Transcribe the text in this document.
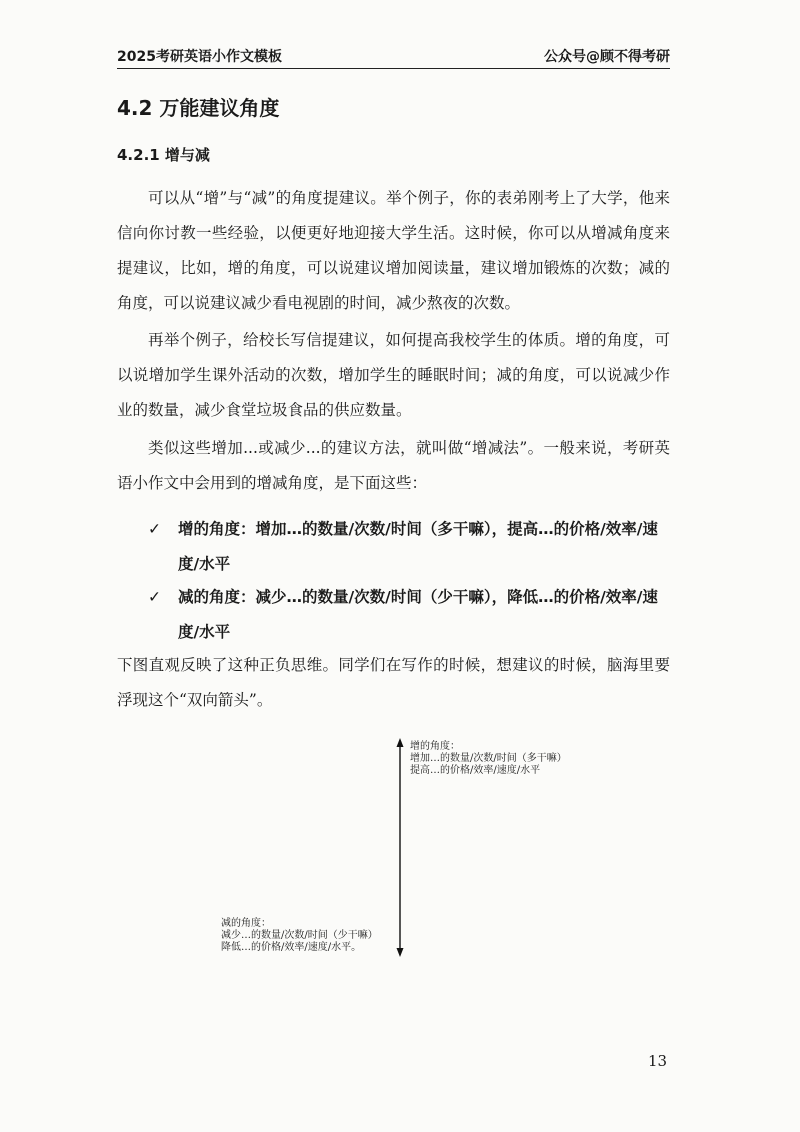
2025考研英语小作文模板	公众号@顾不得考研
4.2 万能建议角度
4.2.1 增与减

可以从“增”与“减”的角度提建议。举个例子，你的表弟刚考上了大学，他来信向你讨教一些经验，以便更好地迎接大学生活。这时候，你可以从增减角度来提建议，比如，增的角度，可以说建议增加阅读量，建议增加锻炼的次数；减的角度，可以说建议减少看电视剧的时间，减少熬夜的次数。

再举个例子，给校长写信提建议，如何提高我校学生的体质。增的角度，可以说增加学生课外活动的次数，增加学生的睡眠时间；减的角度，可以说减少作业的数量，减少食堂垃圾食品的供应数量。

类似这些增加...或减少...的建议方法，就叫做“增减法”。一般来说，考研英语小作文中会用到的增减角度，是下面这些：

✓ 增的角度：增加…的数量/次数/时间（多干嘛），提高…的价格/效率/速度/水平
✓ 减的角度：减少…的数量/次数/时间（少干嘛），降低…的价格/效率/速度/水平

下图直观反映了这种正负思维。同学们在写作的时候，想建议的时候，脑海里要浮现这个“双向箭头”。

增的角度：
增加…的数量/次数/时间（多干嘛）
提高…的价格/效率/速度/水平
减的角度：
减少…的数量/次数/时间（少干嘛）
降低…的价格/效率/速度/水平。
13
